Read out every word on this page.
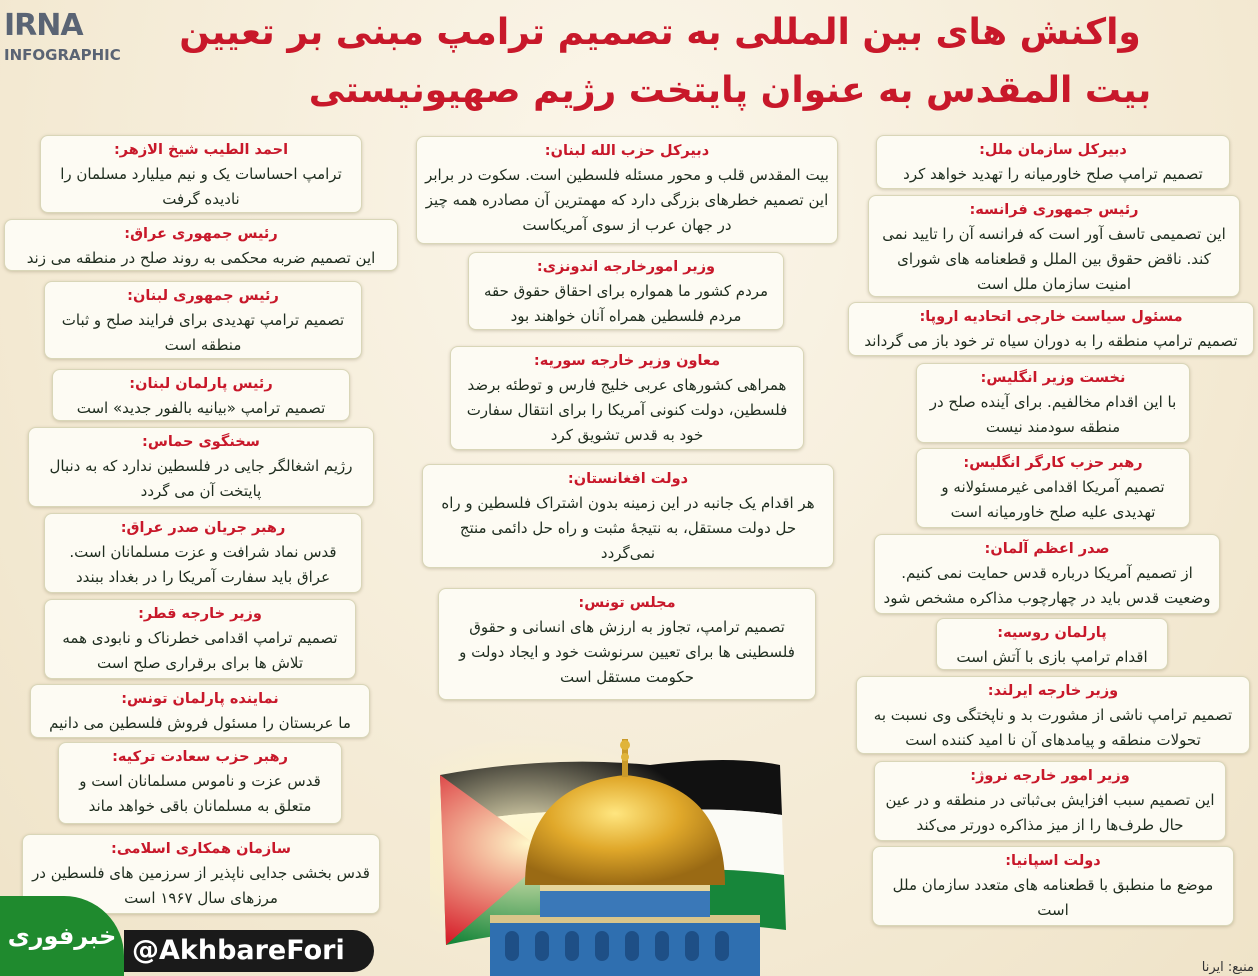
IRNA
INFOGRAPHIC
واکنش های بین المللی به تصمیم ترامپ مبنی بر تعیین
بیت المقدس به عنوان پایتخت رژیم صهیونیستی
احمد الطیب شیخ الازهر:
ترامپ احساسات یک و نیم میلیارد مسلمان را نادیده گرفت
رئیس جمهوری عراق:
این تصمیم ضربه محکمی به روند صلح در منطقه می زند
رئیس جمهوری لبنان:
تصمیم ترامپ تهدیدی برای فرایند صلح و ثبات منطقه است
رئیس پارلمان لبنان:
تصمیم ترامپ «بیانیه بالفور جدید» است
سخنگوی حماس:
رژیم اشغالگر جایی در فلسطین ندارد که به دنبال پایتخت آن می گردد
رهبر جریان صدر عراق:
قدس نماد شرافت و عزت مسلمانان است. عراق باید سفارت آمریکا را در بغداد ببندد
وزیر خارجه قطر:
تصمیم ترامپ اقدامی خطرناک و نابودی همه تلاش ها برای برقراری صلح است
نماینده پارلمان تونس:
ما عربستان را مسئول فروش فلسطین می دانیم
رهبر حزب سعادت ترکیه:
قدس عزت و ناموس مسلمانان است و متعلق به مسلمانان باقی خواهد ماند
سازمان همکاری اسلامی:
قدس بخشی جدایی ناپذیر از سرزمین های فلسطین در مرزهای سال ۱۹۶۷ است
دبیرکل حزب الله لبنان:
بیت المقدس قلب و محور مسئله فلسطین است. سکوت در برابر این تصمیم خطرهای بزرگی دارد که مهمترین آن مصادره همه چیز در جهان عرب از سوی آمریکاست
وزیر امورخارجه اندونزی:
مردم کشور ما همواره برای احقاق حقوق حقه مردم فلسطین همراه آنان خواهند بود
معاون وزیر خارجه سوریه:
همراهی کشورهای عربی خلیج فارس و توطئه برضد فلسطین، دولت کنونی آمریکا را برای انتقال سفارت خود به قدس تشویق کرد
دولت افغانستان:
هر اقدام یک جانبه در این زمینه بدون اشتراک فلسطین و راه حل دولت مستقل، به نتیجهٔ مثبت و راه حل دائمی منتج نمی‌گردد
مجلس تونس:
تصمیم ترامپ، تجاوز به ارزش های انسانی و حقوق فلسطینی ها برای تعیین سرنوشت خود و ایجاد دولت و حکومت مستقل است
دبیرکل سازمان ملل:
تصمیم ترامپ صلح خاورمیانه را تهدید خواهد کرد
رئیس جمهوری فرانسه:
این تصمیمی تاسف آور است که فرانسه آن را تایید نمی کند. ناقض حقوق بین الملل و قطعنامه های شورای امنیت سازمان ملل است
مسئول سیاست خارجی اتحادیه اروپا:
تصمیم ترامپ منطقه را به دوران سیاه تر خود باز می گرداند
نخست وزیر انگلیس:
با این اقدام مخالفیم. برای آینده صلح در منطقه سودمند نیست
رهبر حزب کارگر انگلیس:
تصمیم آمریکا اقدامی غیرمسئولانه و تهدیدی علیه صلح خاورمیانه است
صدر اعظم آلمان:
از تصمیم آمریکا درباره قدس حمایت نمی کنیم. وضعیت قدس باید در چهارچوب مذاکره مشخص شود
پارلمان روسیه:
اقدام ترامپ بازی با آتش است
وزیر خارجه ایرلند:
تصمیم ترامپ ناشی از مشورت بد و ناپختگی وی نسبت به تحولات منطقه و پیامدهای آن نا امید کننده است
وزیر امور خارجه نروژ:
این تصمیم سبب افزایش بی‌ثباتی در منطقه و در عین حال طرف‌ها را از میز مذاکره دورتر می‌کند
دولت اسپانیا:
موضع ما منطبق با قطعنامه های متعدد سازمان ملل است
خبرفوری @AkhbareFori
منبع: ایرنا
